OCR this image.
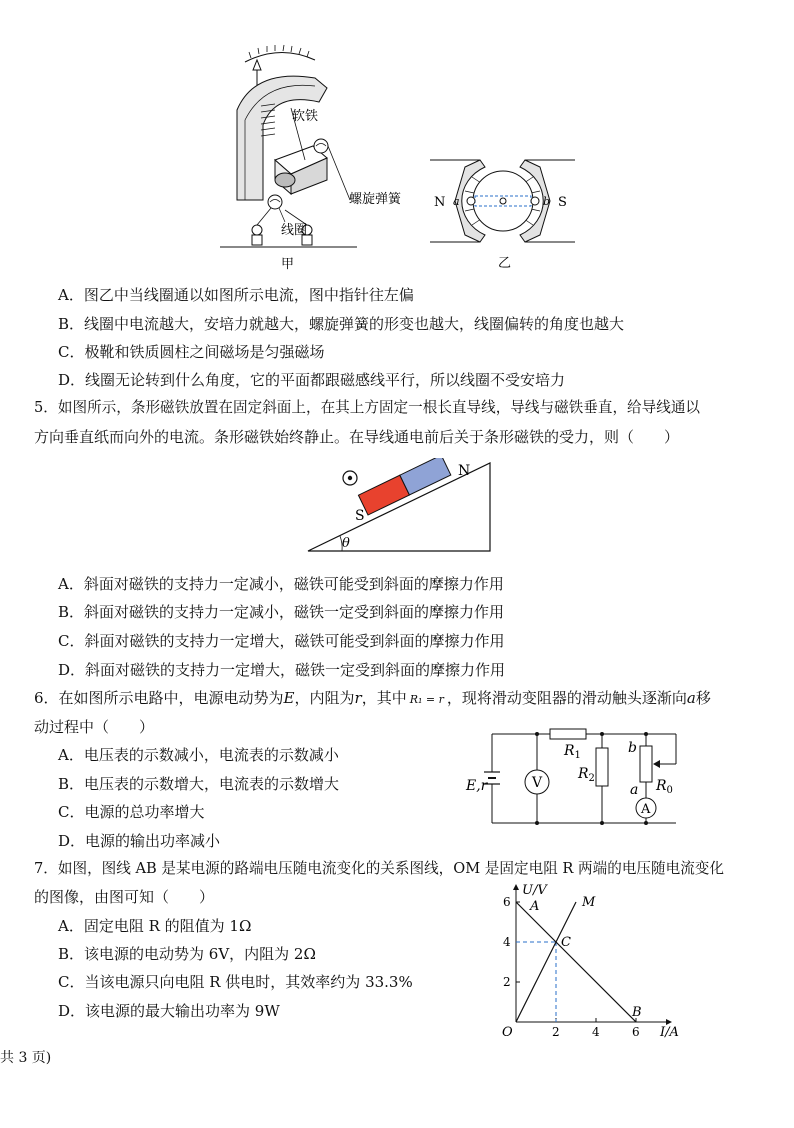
线圈
软铁
螺旋弹簧
甲
N	S
a	b
乙
A．图乙中当线圈通以如图所示电流，图中指针往左偏
B．线圈中电流越大，安培力就越大，螺旋弹簧的形变也越大，线圈偏转的角度也越大
C．极靴和铁质圆柱之间磁场是匀强磁场
D．线圈无论转到什么角度，它的平面都跟磁感线平行，所以线圈不受安培力
5．如图所示，条形磁铁放置在固定斜面上，在其上方固定一根长直导线，导线与磁铁垂直，给导线通以
方向垂直纸而向外的电流。条形磁铁始终静止。在导线通电前后关于条形磁铁的受力，则（　　）
θ
S
N
A．斜面对磁铁的支持力一定减小，磁铁可能受到斜面的摩擦力作用
B．斜面对磁铁的支持力一定减小，磁铁一定受到斜面的摩擦力作用
C．斜面对磁铁的支持力一定增大，磁铁可能受到斜面的摩擦力作用
D．斜面对磁铁的支持力一定增大，磁铁一定受到斜面的摩擦力作用
6．在如图所示电路中，电源电动势为E，内阻为r，其中 R₁ = r ，现将滑动变阻器的滑动触头逐渐向a移
动过程中（　　）
A．电压表的示数减小，电流表的示数减小
B．电压表的示数增大，电流表的示数增大
C．电源的总功率增大
D．电源的输出功率减小
E,r
$R_1$
V
$R_2$
b
a $R_0$
A
7．如图，图线 AB 是某电源的路端电压随电流变化的关系图线，OM 是固定电阻 R 两端的电压随电流变化
的图像，由图可知（　　）
A．固定电阻 R 的阻值为 1Ω
B．该电源的电动势为 6V，内阻为 2Ω
C．当该电源只向电阻 R 供电时，其效率约为 33.3%
D．该电源的最大输出功率为 9W
U/V
I/A
O	2	4	6
2
4
6 A
B
M
C
共 3 页)
